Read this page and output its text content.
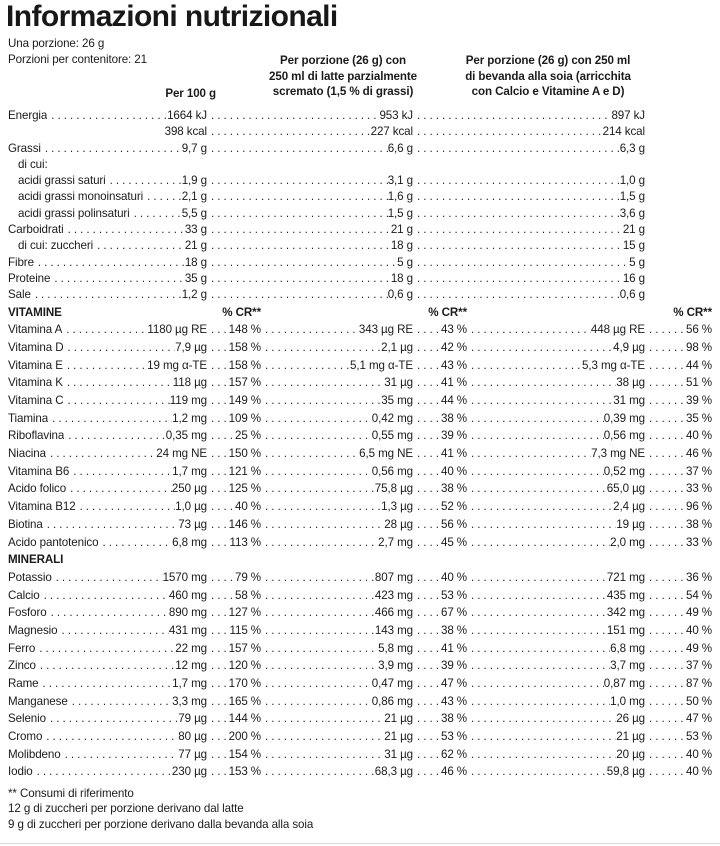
Informazioni nutrizionali
Una porzione: 26 g
Porzioni per contenitore: 21
Per 100 g
Per porzione (26 g) con
250 ml di latte parzialmente
scremato (1,5 % di grassi)
Per porzione (26 g) con 250 ml
di bevanda alla soia (arricchita
con Calcio e Vitamine A e D)
Energia . . .	1664 kJ . . .	953 kJ . . .	897 kJ
398 kcal . . .	227 kcal . . .	214 kcal
Grassi . . .	9,7 g . . .	6,6 g . . .	6,3 g
di cui:
acidi grassi saturi . . .	1,9 g . . .	3,1 g . . .	1,0 g
acidi grassi monoinsaturi . . .	2,1 g . . .	1,6 g . . .	1,5 g
acidi grassi polinsaturi . . .	5,5 g . . .	1,5 g . . .	3,6 g
Carboidrati . . .	33 g . . .	21 g . . .	21 g
di cui: zuccheri . . .	21 g . . .	18 g . . .	15 g
Fibre . . .	18 g . . .	5 g . . .	5 g
Proteine . . .	35 g . . .	18 g . . .	16 g
Sale . . .	1,2 g . . .	0,6 g . . .	0,6 g
VITAMINE	% CR**	% CR**	% CR**
Vitamina A . . .	1180 µg RE . . . 148 % . . .	343 µg RE . . . 43 % . . .	448 µg RE . . .	56 %
Vitamina D . . .	7,9 µg . . . 158 % . . .	2,1 µg . . . 42 % . . .	4,9 µg . . .	98 %
Vitamina E . . .	19 mg α-TE . . . 158 % . . .	5,1 mg α-TE . . . 43 % . . .	5,3 mg α-TE . . .	44 %
Vitamina K . . .	118 µg . . . 157 % . . .	31 µg . . . 41 % . . .	38 µg . . .	51 %
Vitamina C . . .	119 mg . . . 149 % . . .	35 mg . . . 44 % . . .	31 mg . . .	39 %
Tiamina . . .	1,2 mg . . . 109 % . . .	0,42 mg . . . 38 % . . .	0,39 mg . . .	35 %
Riboflavina . . .	0,35 mg . . . 25 % . . .	0,55 mg . . . 39 % . . .	0,56 mg . . .	40 %
Niacina . . .	24 mg NE . . . 150 % . . .	6,5 mg NE . . . 41 % . . .	7,3 mg NE . . .	46 %
Vitamina B6 . . .	1,7 mg . . . 121 % . . .	0,56 mg . . . 40 % . . .	0,52 mg . . .	37 %
Acido folico . . .	250 µg . . . 125 % . . .	75,8 µg . . . 38 % . . .	65,0 µg . . .	33 %
Vitamina B12 . . .	1,0 µg . . . 40 % . . .	1,3 µg . . . 52 % . . .	2,4 µg . . .	96 %
Biotina . . .	73 µg . . . 146 % . . .	28 µg . . . 56 % . . .	19 µg . . .	38 %
Acido pantotenico . . .	6,8 mg . . . 113 % . . .	2,7 mg . . . 45 % . . .	2,0 mg . . .	33 %
MINERALI
Potassio . . .	1570 mg . . . 79 % . . .	807 mg . . . 40 % . . .	721 mg . . .	36 %
Calcio . . .	460 mg . . . 58 % . . .	423 mg . . . 53 % . . .	435 mg . . .	54 %
Fosforo . . .	890 mg . . . 127 % . . .	466 mg . . . 67 % . . .	342 mg . . .	49 %
Magnesio . . .	431 mg . . . 115 % . . .	143 mg . . . 38 % . . .	151 mg . . .	40 %
Ferro . . .	22 mg . . . 157 % . . .	5,8 mg . . . 41 % . . .	6,8 mg . . .	49 %
Zinco . . .	12 mg . . . 120 % . . .	3,9 mg . . . 39 % . . .	3,7 mg . . .	37 %
Rame . . .	1,7 mg . . . 170 % . . .	0,47 mg . . . 47 % . . .	0,87 mg . . .	87 %
Manganese . . .	3,3 mg . . . 165 % . . .	0,86 mg . . . 43 % . . .	1,0 mg . . .	50 %
Selenio . . .	79 µg . . . 144 % . . .	21 µg . . . 38 % . . .	26 µg . . .	47 %
Cromo . . .	80 µg . . . 200 % . . .	21 µg . . . 53 % . . .	21 µg . . .	53 %
Molibdeno . . .	77 µg . . . 154 % . . .	31 µg . . . 62 % . . .	20 µg . . .	40 %
Iodio . . .	230 µg . . . 153 % . . .	68,3 µg . . . 46 % . . .	59,8 µg . . .	40 %
** Consumi di riferimento
12 g di zuccheri per porzione derivano dal latte
9 g di zuccheri per porzione derivano dalla bevanda alla soia
